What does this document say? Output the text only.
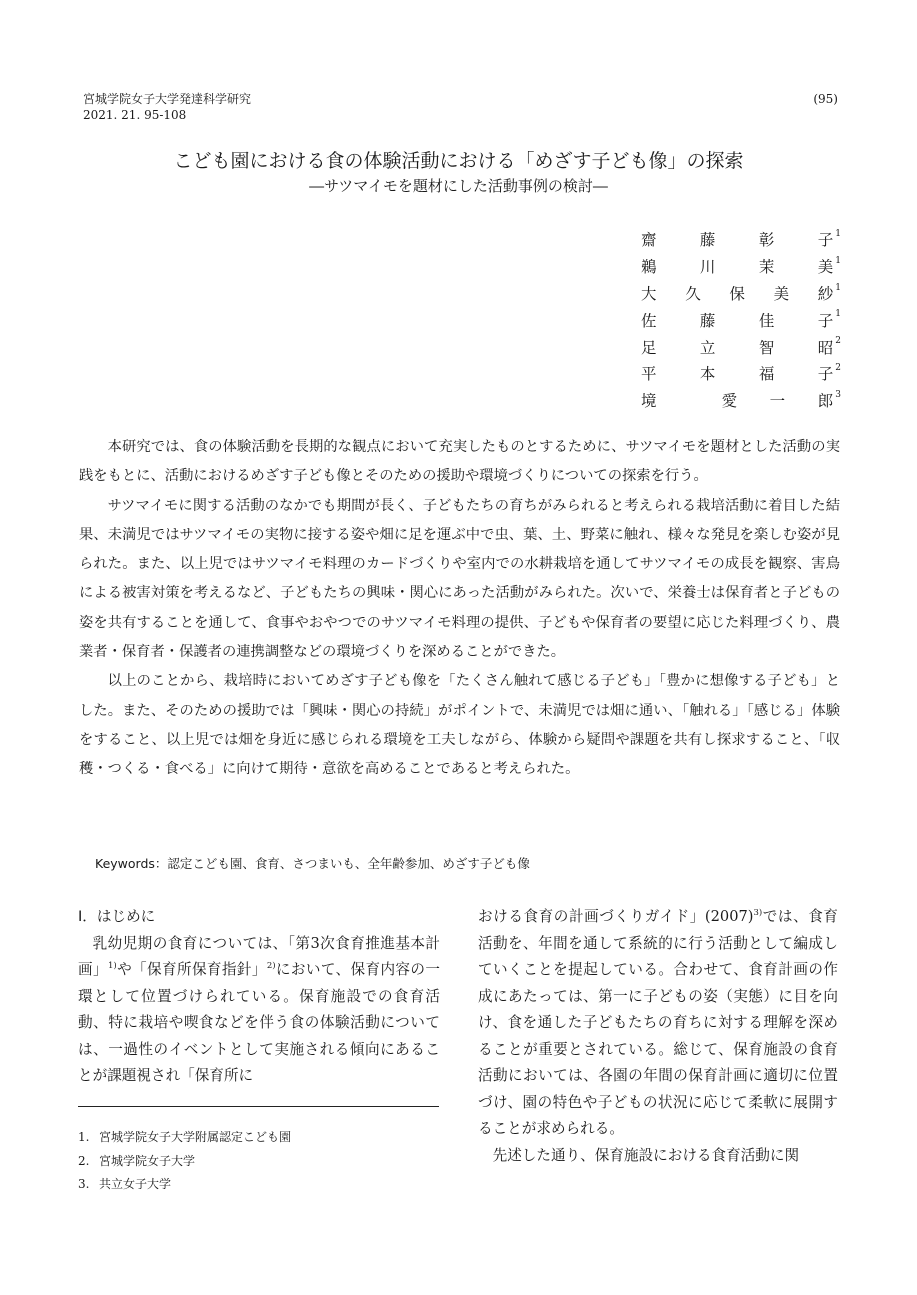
宮城学院女子大学発達科学研究
2021. 21. 95-108
(95)
こども園における食の体験活動における「めざす子ども像」の探索
―サツマイモを題材にした活動事例の検討―
齋	藤	彰	子$^1$
鵜	川	茉	美$^1$
大 久 保 美 紗$^1$
佐	藤	佳	子$^1$
足	立	智	昭$^2$
平	本	福	子$^2$
境	愛 一 郎$^3$

本研究では、食の体験活動を長期的な観点において充実したものとするために、サツマイモを題材とした活動の実践をもとに、活動におけるめざす子ども像とそのための援助や環境づくりについての探索を行う。

サツマイモに関する活動のなかでも期間が長く、子どもたちの育ちがみられると考えられる栽培活動に着目した結果、未満児ではサツマイモの実物に接する姿や畑に足を運ぶ中で虫、葉、土、野菜に触れ、様々な発見を楽しむ姿が見られた。また、以上児ではサツマイモ料理のカードづくりや室内での水耕栽培を通してサツマイモの成長を観察、害鳥による被害対策を考えるなど、子どもたちの興味・関心にあった活動がみられた。次いで、栄養士は保育者と子どもの姿を共有することを通して、食事やおやつでのサツマイモ料理の提供、子どもや保育者の要望に応じた料理づくり、農業者・保育者・保護者の連携調整などの環境づくりを深めることができた。

以上のことから、栽培時においてめざす子ども像を「たくさん触れて感じる子ども」「豊かに想像する子ども」とした。また、そのための援助では「興味・関心の持続」がポイントで、未満児では畑に通い、「触れる」「感じる」体験をすること、以上児では畑を身近に感じられる環境を工夫しながら、体験から疑問や課題を共有し探求すること、「収穫・つくる・食べる」に向けて期待・意欲を高めることであると考えられた。

Keywords：認定こども園、食育、さつまいも、全年齢参加、めざす子ども像
Ⅰ．はじめに

乳幼児期の食育については、「第3次食育推進基本計画」$^{1)}$や「保育所保育指針」$^{2)}$において、保育内容の一環として位置づけられている。保育施設での食育活動、特に栽培や喫食などを伴う食の体験活動については、一過性のイベントとして実施される傾向にあることが課題視され「保育所に

おける食育の計画づくりガイド」(2007)$^{3)}$では、食育活動を、年間を通して系統的に行う活動として編成していくことを提起している。合わせて、食育計画の作成にあたっては、第一に子どもの姿（実態）に目を向け、食を通した子どもたちの育ちに対する理解を深めることが重要とされている。総じて、保育施設の食育活動においては、各園の年間の保育計画に適切に位置づけ、園の特色や子どもの状況に応じて柔軟に展開することが求められる。

先述した通り、保育施設における食育活動に関

1. 宮城学院女子大学附属認定こども園
2. 宮城学院女子大学
3. 共立女子大学
